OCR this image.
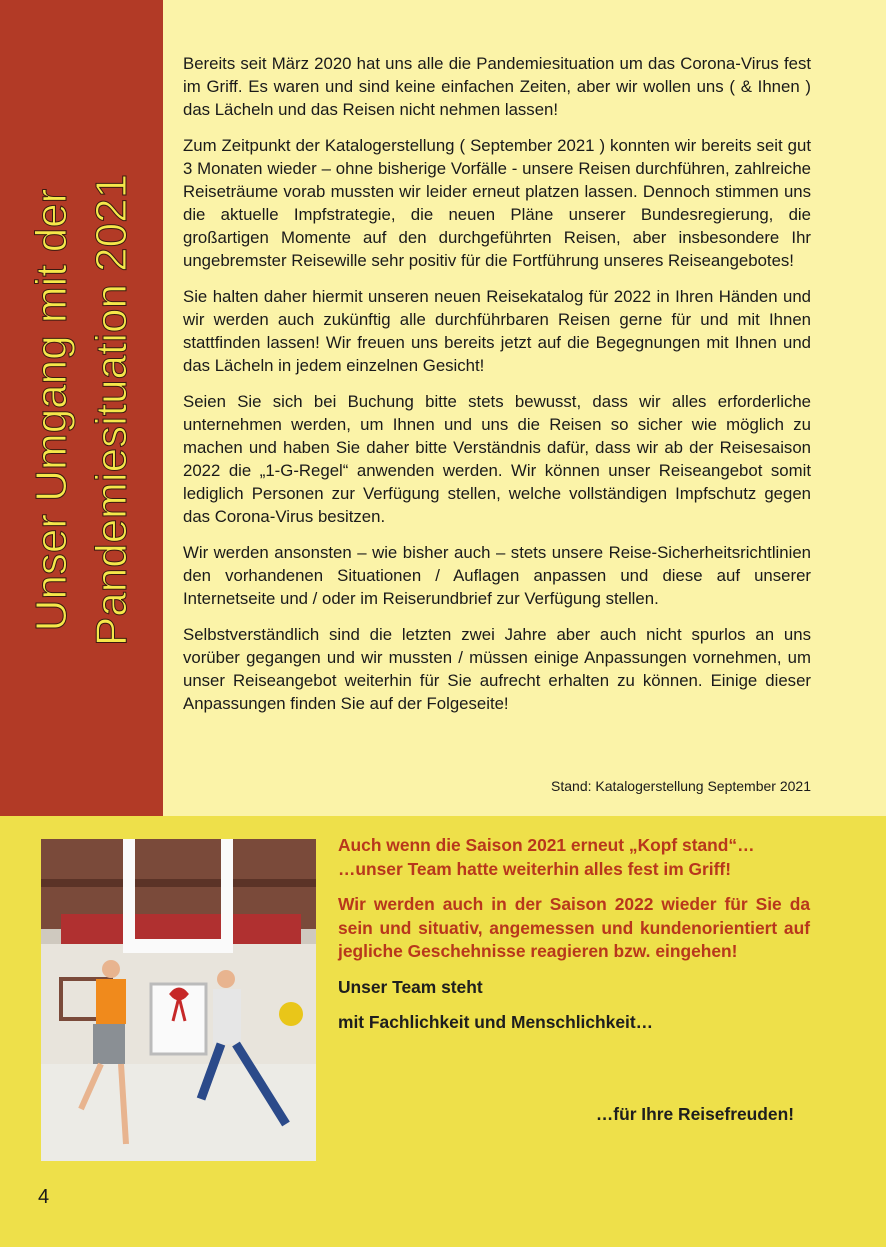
Unser Umgang mit der Pandemiesituation 2021

Bereits seit März 2020 hat uns alle die Pandemiesituation um das Corona-Virus fest im Griff. Es waren und sind keine einfachen Zeiten, aber wir wollen uns ( & Ihnen ) das Lächeln und das Reisen nicht nehmen lassen!

Zum Zeitpunkt der Katalogerstellung ( September 2021 ) konnten wir bereits seit gut 3 Monaten wieder – ohne bisherige Vorfälle - unsere Reisen durchführen, zahlreiche Reiseträume vorab mussten wir leider erneut platzen lassen. Dennoch stimmen uns die aktuelle Impfstrategie, die neuen Pläne unserer Bundesregierung, die großartigen Momente auf den durchgeführten Reisen, aber insbesondere Ihr ungebremster Reisewille sehr positiv für die Fortführung unseres Reiseangebotes!

Sie halten daher hiermit unseren neuen Reisekatalog für 2022 in Ihren Händen und wir werden auch zukünftig alle durchführbaren Reisen gerne für und mit Ihnen stattfinden lassen! Wir freuen uns bereits jetzt auf die Begegnungen mit Ihnen und das Lächeln in jedem einzelnen Gesicht!

Seien Sie sich bei Buchung bitte stets bewusst, dass wir alles erforderliche unternehmen werden, um Ihnen und uns die Reisen so sicher wie möglich zu machen und haben Sie daher bitte Verständnis dafür, dass wir ab der Reisesaison 2022 die „1-G-Regel“ anwenden werden. Wir können unser Reiseangebot somit lediglich Personen zur Verfügung stellen, welche vollständigen Impfschutz gegen das Corona-Virus besitzen.

Wir werden ansonsten – wie bisher auch – stets unsere Reise-Sicherheitsrichtlinien den vorhandenen Situationen / Auflagen anpassen und diese auf unserer Internetseite und / oder im Reiserundbrief zur Verfügung stellen.

Selbstverständlich sind die letzten zwei Jahre aber auch nicht spurlos an uns vorüber gegangen und wir mussten / müssen einige Anpassungen vornehmen, um unser Reiseangebot weiterhin für Sie aufrecht erhalten zu können. Einige dieser Anpassungen finden Sie auf der Folgeseite!

Stand: Katalogerstellung September 2021
Auch wenn die Saison 2021 erneut „Kopf stand“…

…unser Team hatte weiterhin alles fest im Griff!

Wir werden auch in der Saison 2022 wieder für Sie da sein und situativ, angemessen und kundenorientiert auf jegliche Geschehnisse reagieren bzw. eingehen!

Unser Team steht

mit Fachlichkeit und Menschlichkeit…

…für Ihre Reisefreuden!
4
